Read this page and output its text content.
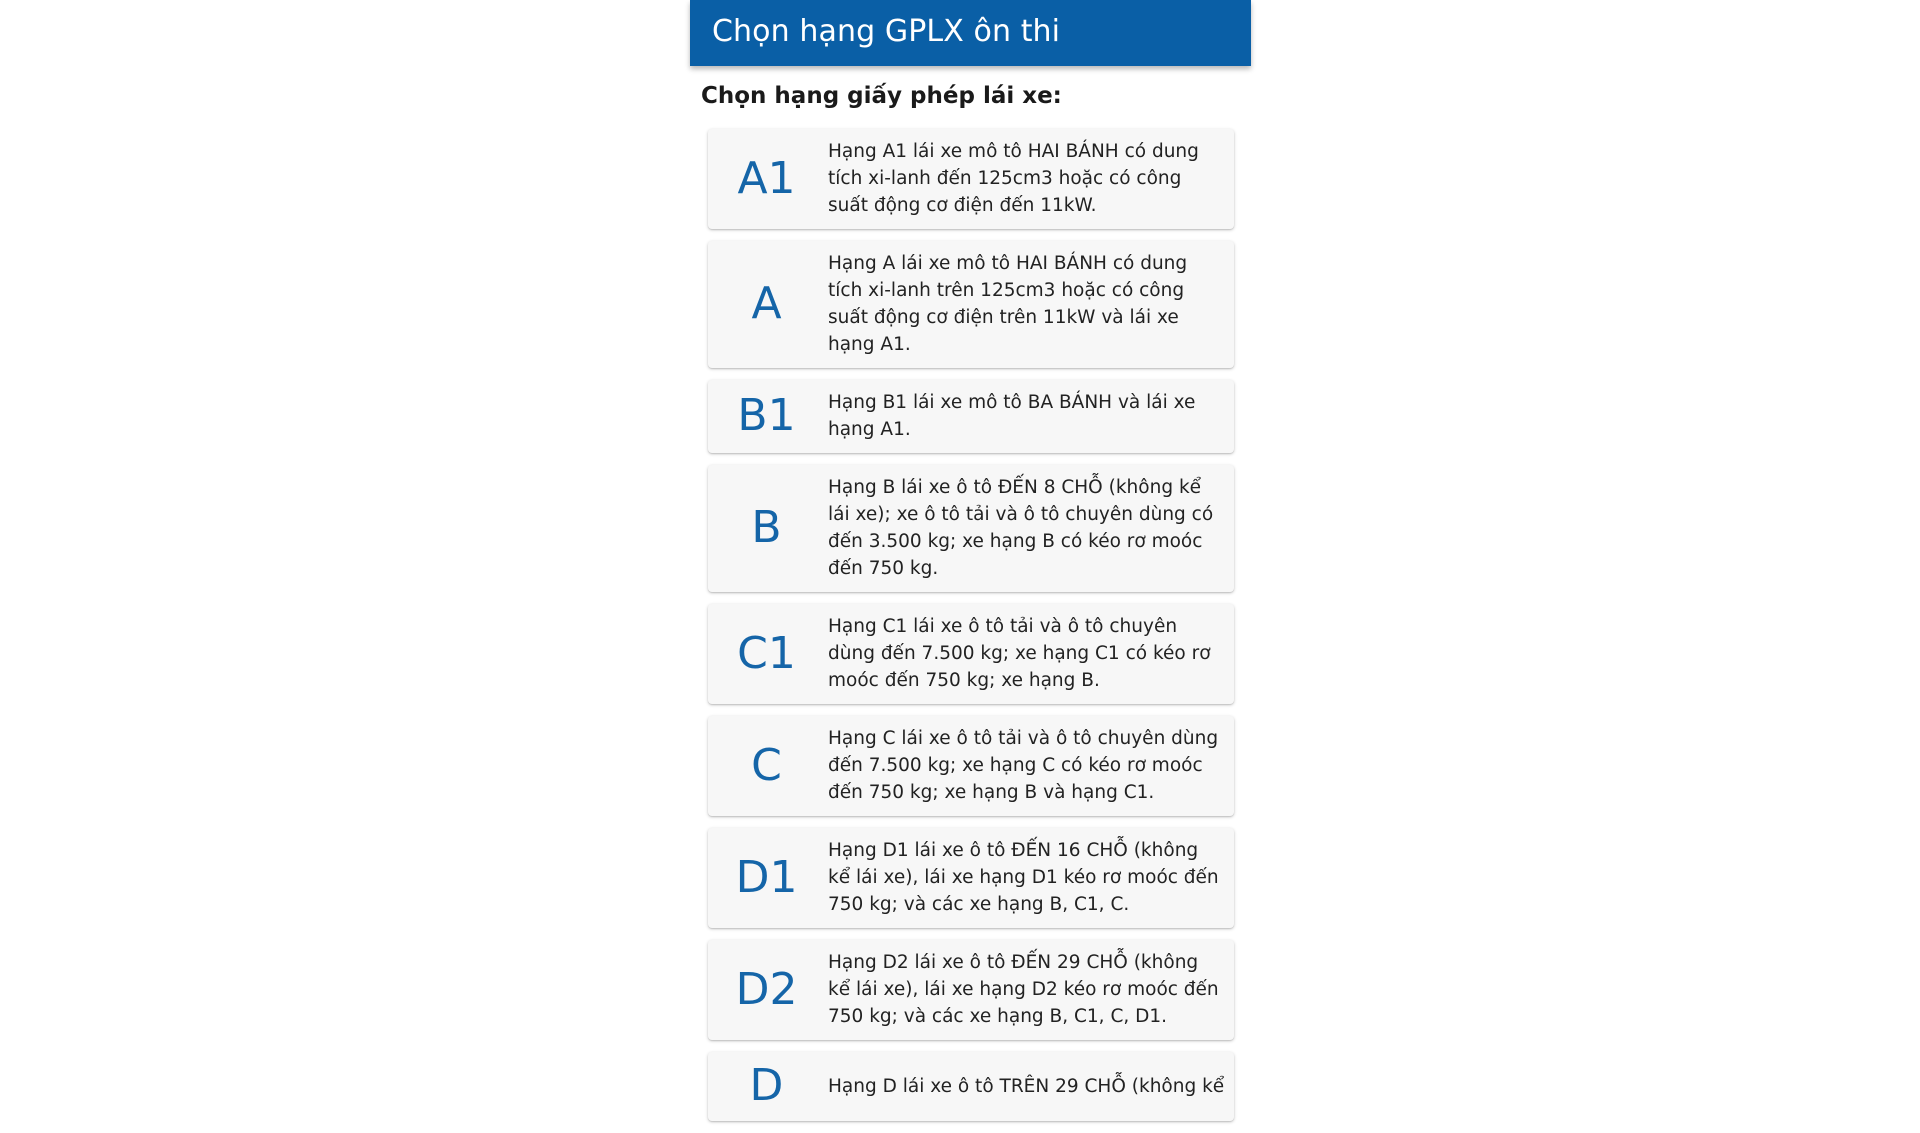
Chọn hạng GPLX ôn thi
Chọn hạng giấy phép lái xe:
A1
Hạng A1 lái xe mô tô HAI BÁNH có dung tích xi-lanh đến 125cm3 hoặc có công suất động cơ điện đến 11kW.
A
Hạng A lái xe mô tô HAI BÁNH có dung tích xi-lanh trên 125cm3 hoặc có công suất động cơ điện trên 11kW và lái xe hạng A1.
B1	Hạng B1 lái xe mô tô BA BÁNH và lái xe hạng A1.
B
Hạng B lái xe ô tô ĐẾN 8 CHỖ (không kể lái xe); xe ô tô tải và ô tô chuyên dùng có đến 3.500 kg; xe hạng B có kéo rơ moóc đến 750 kg.
C1
Hạng C1 lái xe ô tô tải và ô tô chuyên dùng đến 7.500 kg; xe hạng C1 có kéo rơ moóc đến 750 kg; xe hạng B.
C
Hạng C lái xe ô tô tải và ô tô chuyên dùng đến 7.500 kg; xe hạng C có kéo rơ moóc đến 750 kg; xe hạng B và hạng C1.
D1
Hạng D1 lái xe ô tô ĐẾN 16 CHỖ (không kể lái xe), lái xe hạng D1 kéo rơ moóc đến 750 kg; và các xe hạng B, C1, C.
D2
Hạng D2 lái xe ô tô ĐẾN 29 CHỖ (không kể lái xe), lái xe hạng D2 kéo rơ moóc đến 750 kg; và các xe hạng B, C1, C, D1.
D	Hạng D lái xe ô tô TRÊN 29 CHỖ (không kể
